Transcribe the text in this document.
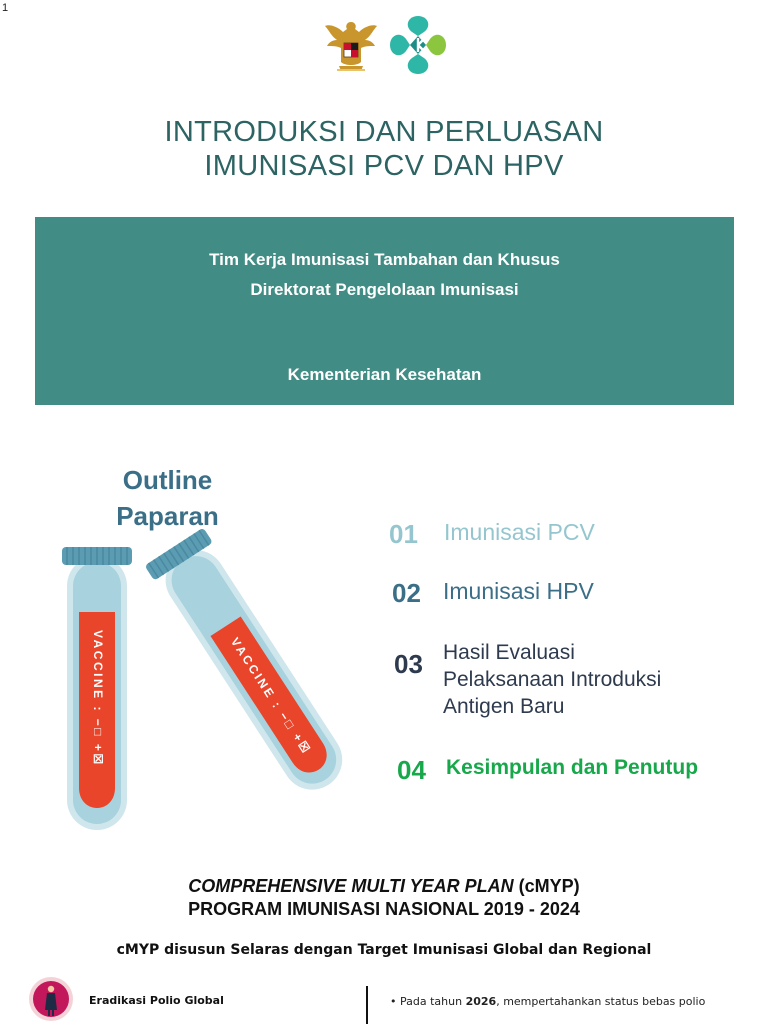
1
INTRODUKSI DAN PERLUASAN
IMUNISASI PCV DAN HPV
Tim Kerja Imunisasi Tambahan dan Khusus
Direktorat Pengelolaan Imunisasi
Kementerian Kesehatan
Outline
Paparan
VACCINE : −□ +☒	VACCINE : −□ +☒
01 Imunisasi PCV
02 Imunisasi HPV
03 Hasil Evaluasi
Pelaksanaan Introduksi
Antigen Baru
04 Kesimpulan dan Penutup
COMPREHENSIVE MULTI YEAR PLAN (cMYP)
PROGRAM IMUNISASI NASIONAL 2019 - 2024
cMYP disusun Selaras dengan Target Imunisasi Global dan Regional
Eradikasi Polio Global	• Pada tahun 2026, mempertahankan status bebas polio
